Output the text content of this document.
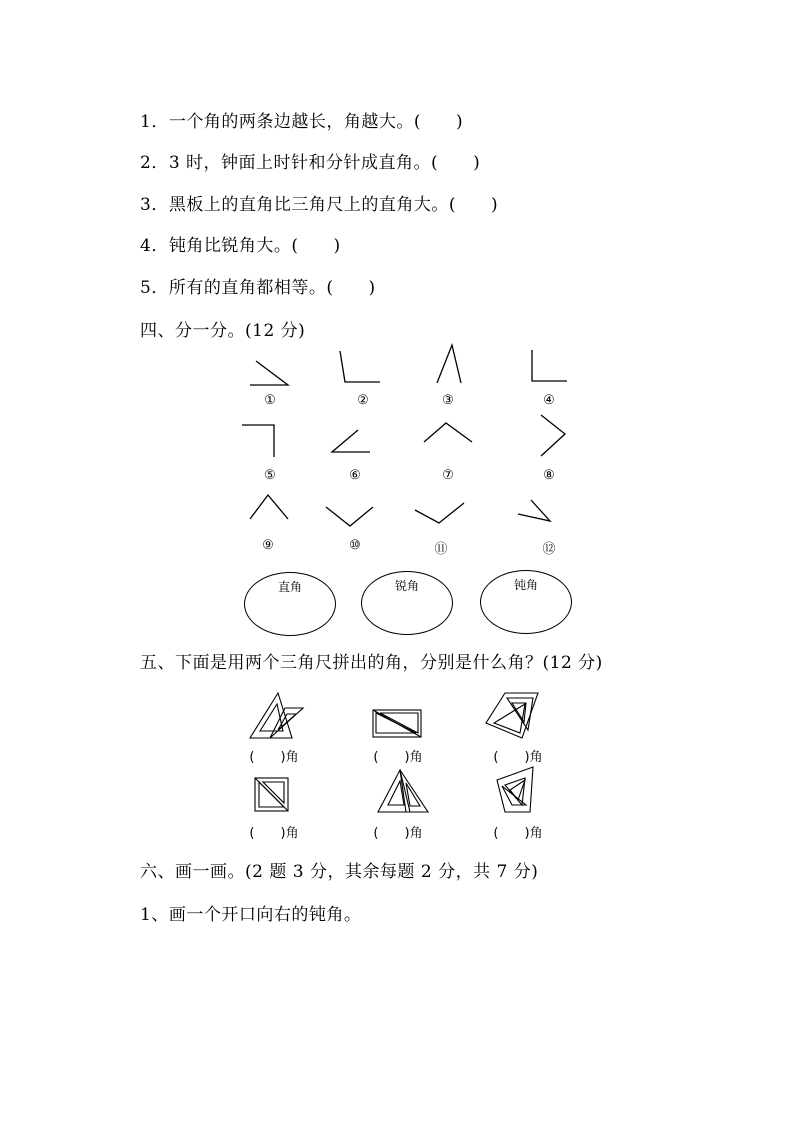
1．一个角的两条边越长，角越大。(　　)
2．3 时，钟面上时针和分针成直角。(　　)
3．黑板上的直角比三角尺上的直角大。(　　)
4．钝角比锐角大。(　　)
5．所有的直角都相等。(　　)
四、分一分。(12 分)
①	②	③	④
⑤	⑥	⑦	⑧
⑨	⑩	⑪	⑫
直角	锐角	钝角
五、下面是用两个三角尺拼出的角，分别是什么角？(12 分)
(　　)角	(　　)角	(　　)角
(　　)角	(　　)角	(　　)角
六、画一画。(2 题 3 分，其余每题 2 分，共 7 分)
1、画一个开口向右的钝角。
